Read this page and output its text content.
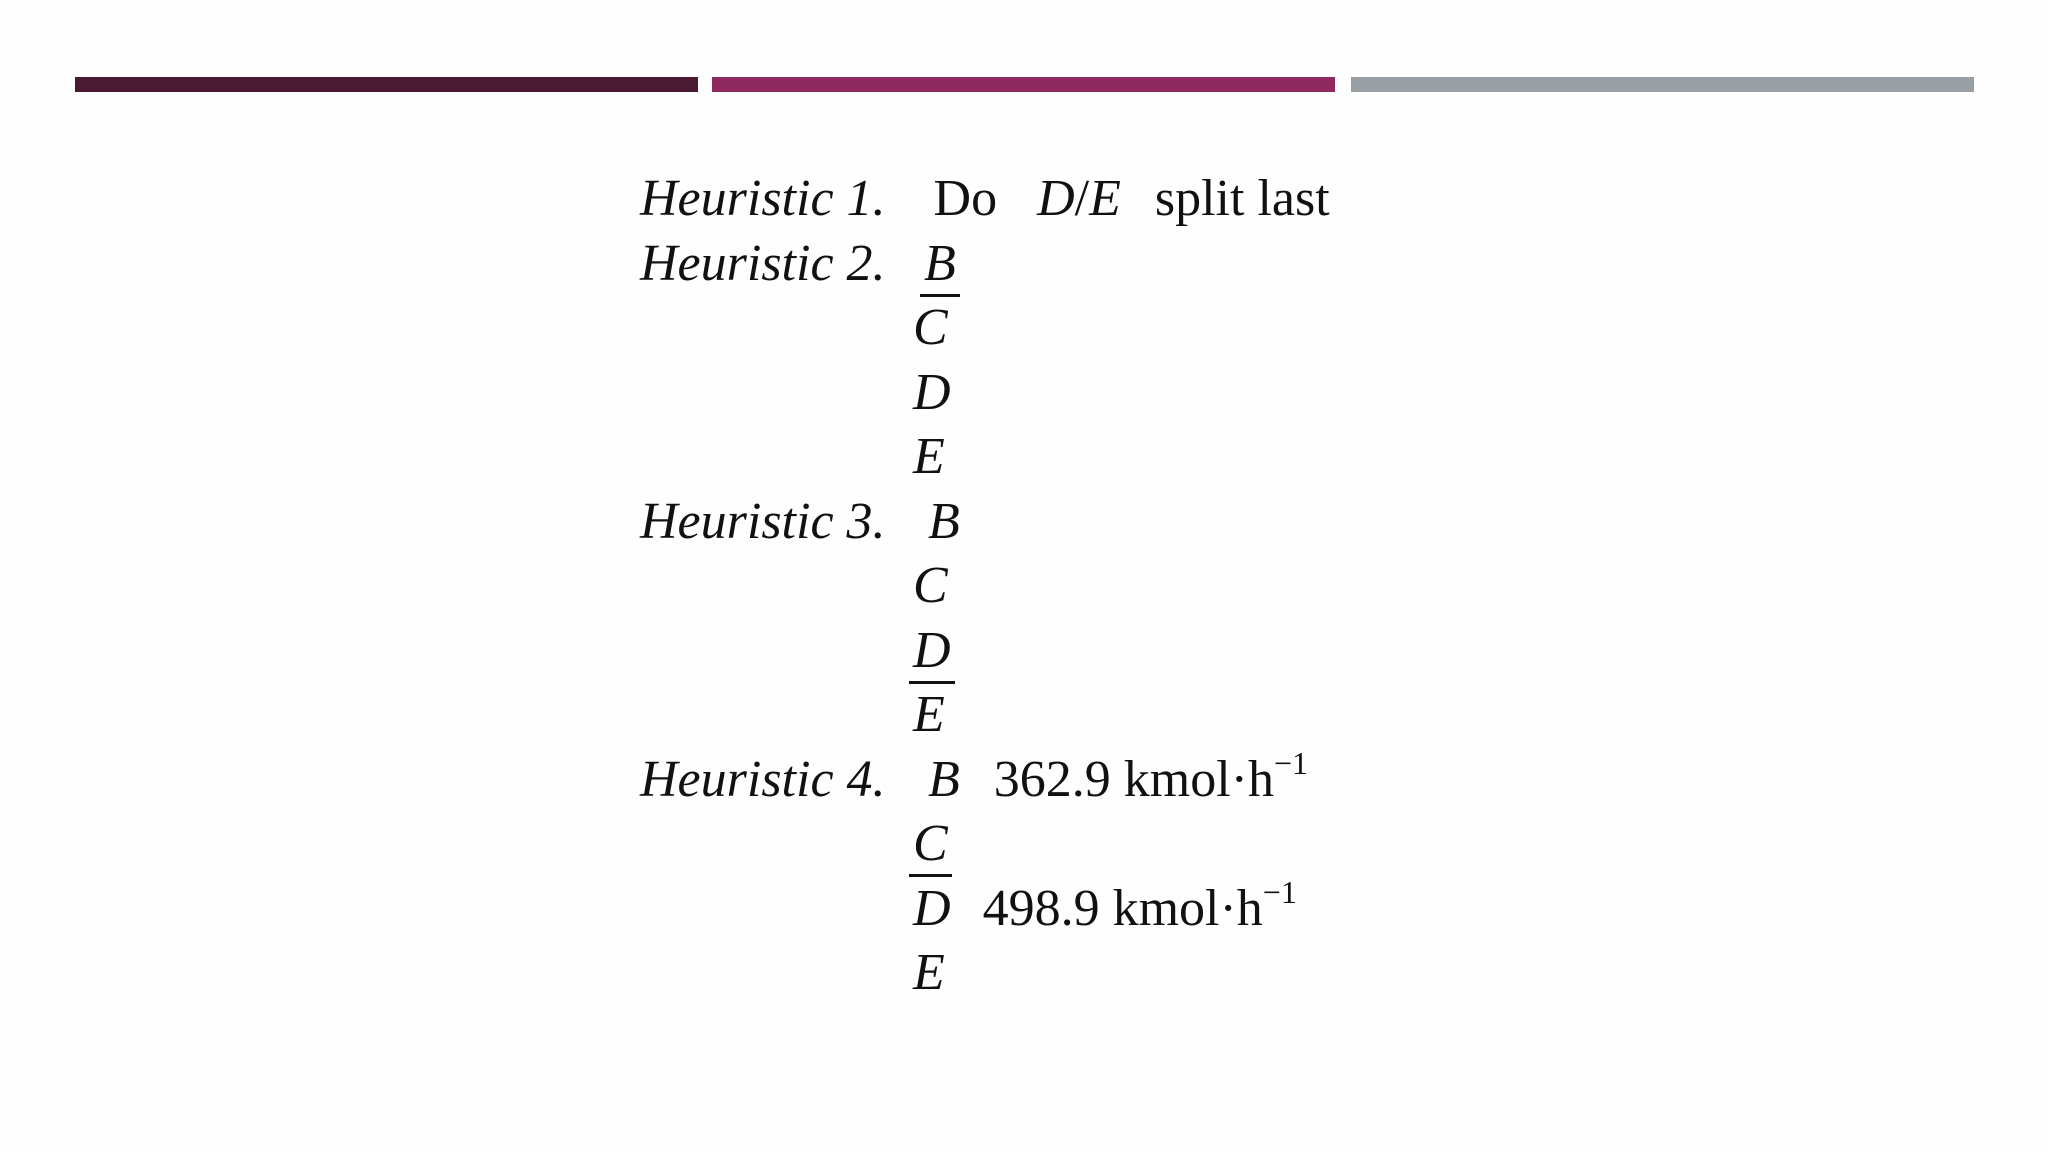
Heuristic 1. Do D/E split last
Heuristic 2. B
C
D
E
Heuristic 3. B
C
D
E
Heuristic 4. B 362.9 $kmol\cdot h^{-1}$
C
D 498.9 $kmol\cdot h^{-1}$
E
